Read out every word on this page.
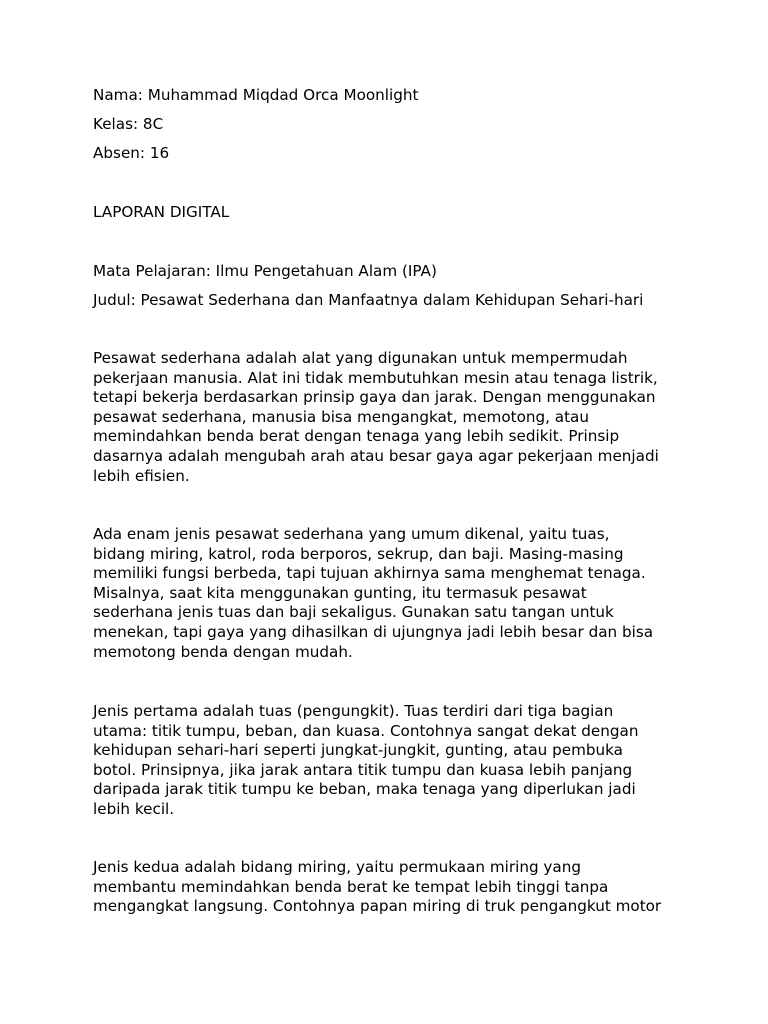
Nama: Muhammad Miqdad Orca Moonlight
Kelas: 8C
Absen: 16
LAPORAN DIGITAL
Mata Pelajaran: Ilmu Pengetahuan Alam (IPA)
Judul: Pesawat Sederhana dan Manfaatnya dalam Kehidupan Sehari-hari
Pesawat sederhana adalah alat yang digunakan untuk mempermudah
pekerjaan manusia. Alat ini tidak membutuhkan mesin atau tenaga listrik,
tetapi bekerja berdasarkan prinsip gaya dan jarak. Dengan menggunakan
pesawat sederhana, manusia bisa mengangkat, memotong, atau
memindahkan benda berat dengan tenaga yang lebih sedikit. Prinsip
dasarnya adalah mengubah arah atau besar gaya agar pekerjaan menjadi
lebih efisien.
Ada enam jenis pesawat sederhana yang umum dikenal, yaitu tuas,
bidang miring, katrol, roda berporos, sekrup, dan baji. Masing-masing
memiliki fungsi berbeda, tapi tujuan akhirnya sama menghemat tenaga.
Misalnya, saat kita menggunakan gunting, itu termasuk pesawat
sederhana jenis tuas dan baji sekaligus. Gunakan satu tangan untuk
menekan, tapi gaya yang dihasilkan di ujungnya jadi lebih besar dan bisa
memotong benda dengan mudah.
Jenis pertama adalah tuas (pengungkit). Tuas terdiri dari tiga bagian
utama: titik tumpu, beban, dan kuasa. Contohnya sangat dekat dengan
kehidupan sehari-hari seperti jungkat-jungkit, gunting, atau pembuka
botol. Prinsipnya, jika jarak antara titik tumpu dan kuasa lebih panjang
daripada jarak titik tumpu ke beban, maka tenaga yang diperlukan jadi
lebih kecil.
Jenis kedua adalah bidang miring, yaitu permukaan miring yang
membantu memindahkan benda berat ke tempat lebih tinggi tanpa
mengangkat langsung. Contohnya papan miring di truk pengangkut motor
